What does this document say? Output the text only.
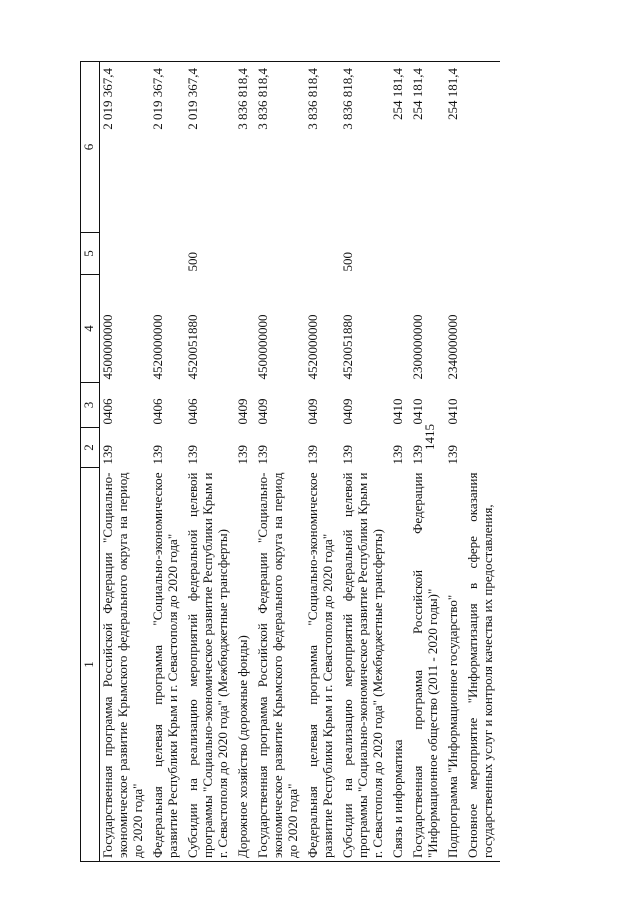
1415
1	2	3	4	5	6
Государственная программа Российской Федерации "Социально-экономическое развитие Крымского федерального округа на период до 2020 года"	139	0406	4500000000		2 019 367,4
Федеральная целевая программа "Социально-экономическое развитие Республики Крым и г. Севастополя до 2020 года"	139	0406	4520000000		2 019 367,4
Субсидии на реализацию мероприятий федеральной целевой программы "Социально-экономическое развитие Республики Крым и г. Севастополя до 2020 года" (Межбюджетные трансферты)	139	0406	4520051880	500	2 019 367,4
Дорожное хозяйство (дорожные фонды)	139	0409			3 836 818,4
Государственная программа Российской Федерации "Социально-экономическое развитие Крымского федерального округа на период до 2020 года"	139	0409	4500000000		3 836 818,4
Федеральная целевая программа "Социально-экономическое развитие Республики Крым и г. Севастополя до 2020 года"	139	0409	4520000000		3 836 818,4
Субсидии на реализацию мероприятий федеральной целевой программы "Социально-экономическое развитие Республики Крым и г. Севастополя до 2020 года" (Межбюджетные трансферты)	139	0409	4520051880	500	3 836 818,4
Связь и информатика	139	0410			254 181,4
Государственная программа Российской Федерации "Информационное общество (2011 - 2020 годы)"	139	0410	2300000000		254 181,4
Подпрограмма "Информационное государство"	139	0410	2340000000		254 181,4
Основное мероприятие "Информатизация в сфере оказания государственных услуг и контроля качества их предоставления,					
